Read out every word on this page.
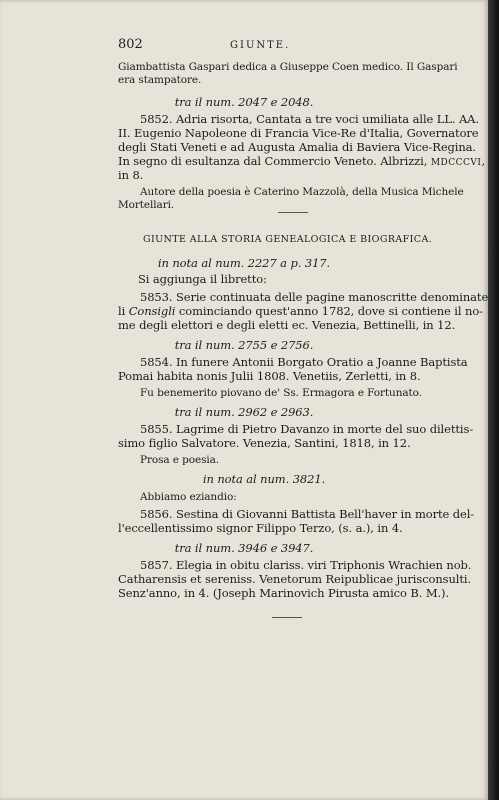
802	GIUNTE.
Giambattista Gaspari dedica a Giuseppe Coen medico. Il Gaspari
era stampatore.
tra il num. 2047 e 2048.
5852. Adria risorta, Cantata a tre voci umiliata alle LL. AA.
II. Eugenio Napoleone di Francia Vice-Re d'Italia, Governatore
degli Stati Veneti e ad Augusta Amalia di Baviera Vice-Regina.
In segno di esultanza dal Commercio Veneto. Albrizzi, MDCCCVI,
in 8.
Autore della poesia è Caterino Mazzolà, della Musica Michele
Mortellari.
GIUNTE ALLA STORIA GENEALOGICA E BIOGRAFICA.
in nota al num. 2227 a p. 317.
Si aggiunga il libretto:
5853. Serie continuata delle pagine manoscritte denominate
li Consigli cominciando quest'anno 1782, dove si contiene il no-
me degli elettori e degli eletti ec. Venezia, Bettinelli, in 12.
tra il num. 2755 e 2756.
5854. In funere Antonii Borgato Oratio a Joanne Baptista
Pomai habita nonis Julii 1808. Venetiis, Zerletti, in 8.
Fu benemerito piovano de' Ss. Ermagora e Fortunato.
tra il num. 2962 e 2963.
5855. Lagrime di Pietro Davanzo in morte del suo dilettis-
simo figlio Salvatore. Venezia, Santini, 1818, in 12.
Prosa e poesia.
in nota al num. 3821.
Abbiamo eziandio:
5856. Sestina di Giovanni Battista Bell'haver in morte del-
l'eccellentissimo signor Filippo Terzo, (s. a.), in 4.
tra il num. 3946 e 3947.
5857. Elegia in obitu clariss. viri Triphonis Wrachien nob.
Catharensis et sereniss. Venetorum Reipublicae jurisconsulti.
Senz'anno, in 4. (Joseph Marinovich Pirusta amico B. M.).
